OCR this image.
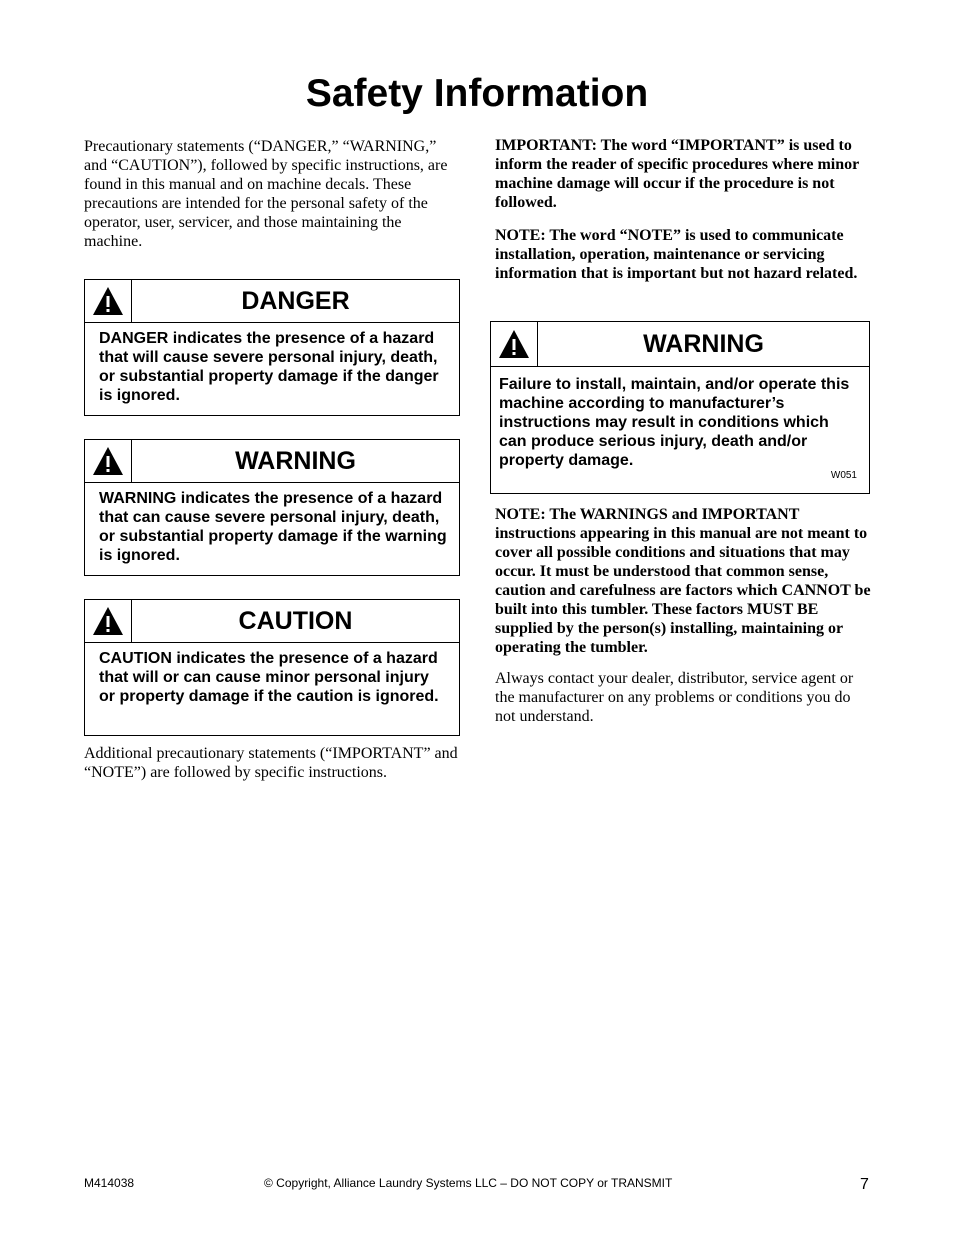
Safety Information

Precautionary statements (“DANGER,” “WARNING,” and “CAUTION”), followed by specific instructions, are found in this manual and on machine decals. These precautions are intended for the personal safety of the operator, user, servicer, and those maintaining the machine.

DANGER

DANGER indicates the presence of a hazard that will cause severe personal injury, death, or substantial property damage if the danger is ignored.

WARNING

WARNING indicates the presence of a hazard that can cause severe personal injury, death, or substantial property damage if the warning is ignored.

CAUTION

CAUTION indicates the presence of a hazard that will or can cause minor personal injury or property damage if the caution is ignored.

Additional precautionary statements (“IMPORTANT” and “NOTE”) are followed by specific instructions.

IMPORTANT: The word “IMPORTANT” is used to inform the reader of specific procedures where minor machine damage will occur if the procedure is not followed.

NOTE: The word “NOTE” is used to communicate installation, operation, maintenance or servicing information that is important but not hazard related.

WARNING

Failure to install, maintain, and/or operate this machine according to manufacturer’s instructions may result in conditions which can produce serious injury, death and/or property damage.

W051

NOTE: The WARNINGS and IMPORTANT instructions appearing in this manual are not meant to cover all possible conditions and situations that may occur. It must be understood that common sense, caution and carefulness are factors which CANNOT be built into this tumbler. These factors MUST BE supplied by the person(s) installing, maintaining or operating the tumbler.

Always contact your dealer, distributor, service agent or the manufacturer on any problems or conditions you do not understand.

M414038	© Copyright, Alliance Laundry Systems LLC – DO NOT COPY or TRANSMIT	7
